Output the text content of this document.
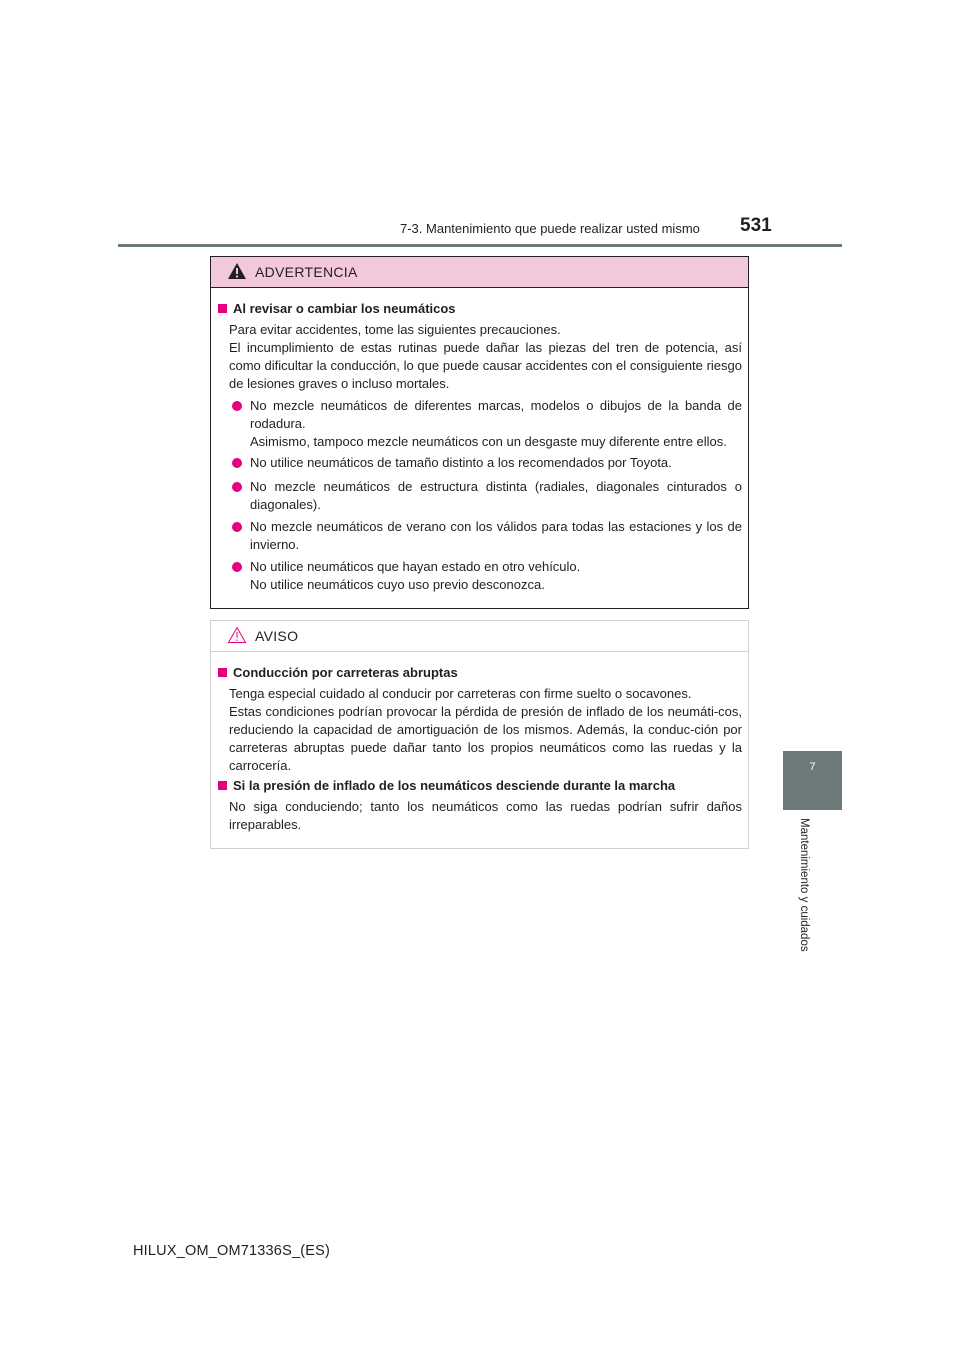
7-3. Mantenimiento que puede realizar usted mismo 531
7
Mantenimiento y cuidados
ADVERTENCIA
Al revisar o cambiar los neumáticos
Para evitar accidentes, tome las siguientes precauciones.
El incumplimiento de estas rutinas puede dañar las piezas del tren de potencia, así como dificultar la conducción, lo que puede causar accidentes con el consiguiente riesgo de lesiones graves o incluso mortales.
No mezcle neumáticos de diferentes marcas, modelos o dibujos de la banda de rodadura.
Asimismo, tampoco mezcle neumáticos con un desgaste muy diferente entre ellos.
No utilice neumáticos de tamaño distinto a los recomendados por Toyota.
No mezcle neumáticos de estructura distinta (radiales, diagonales cinturados o diagonales).
No mezcle neumáticos de verano con los válidos para todas las estaciones y los de invierno.
No utilice neumáticos que hayan estado en otro vehículo.
No utilice neumáticos cuyo uso previo desconozca.
AVISO
Conducción por carreteras abruptas
Tenga especial cuidado al conducir por carreteras con firme suelto o socavones.
Estas condiciones podrían provocar la pérdida de presión de inflado de los neumáti-cos, reduciendo la capacidad de amortiguación de los mismos. Además, la conduc-ción por carreteras abruptas puede dañar tanto los propios neumáticos como las ruedas y la carrocería.
Si la presión de inflado de los neumáticos desciende durante la marcha
No siga conduciendo; tanto los neumáticos como las ruedas podrían sufrir daños irreparables.
HILUX_OM_OM71336S_(ES)
